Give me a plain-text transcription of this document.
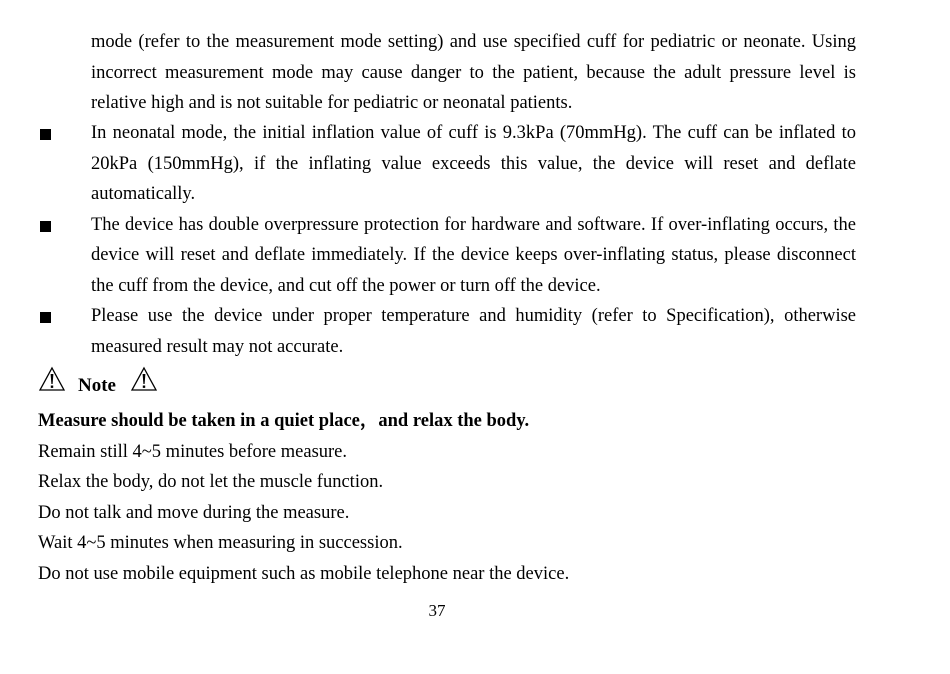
mode (refer to the measurement mode setting) and use specified cuff for pediatric or neonate. Using incorrect measurement mode may cause danger to the patient, because the adult pressure level is relative high and is not suitable for pediatric or neonatal patients.

In neonatal mode, the initial inflation value of cuff is 9.3kPa (70mmHg). The cuff can be inflated to 20kPa (150mmHg), if the inflating value exceeds this value, the device will reset and deflate automatically.

The device has double overpressure protection for hardware and software. If over-inflating occurs, the device will reset and deflate immediately. If the device keeps over-inflating status, please disconnect the cuff from the device, and cut off the power or turn off the device.

Please use the device under proper temperature and humidity (refer to Specification), otherwise measured result may not accurate.

Note

Measure should be taken in a quiet place，and relax the body.

Remain still 4~5 minutes before measure.

Relax the body, do not let the muscle function.

Do not talk and move during the measure.

Wait 4~5 minutes when measuring in succession.

Do not use mobile equipment such as mobile telephone near the device.

37
